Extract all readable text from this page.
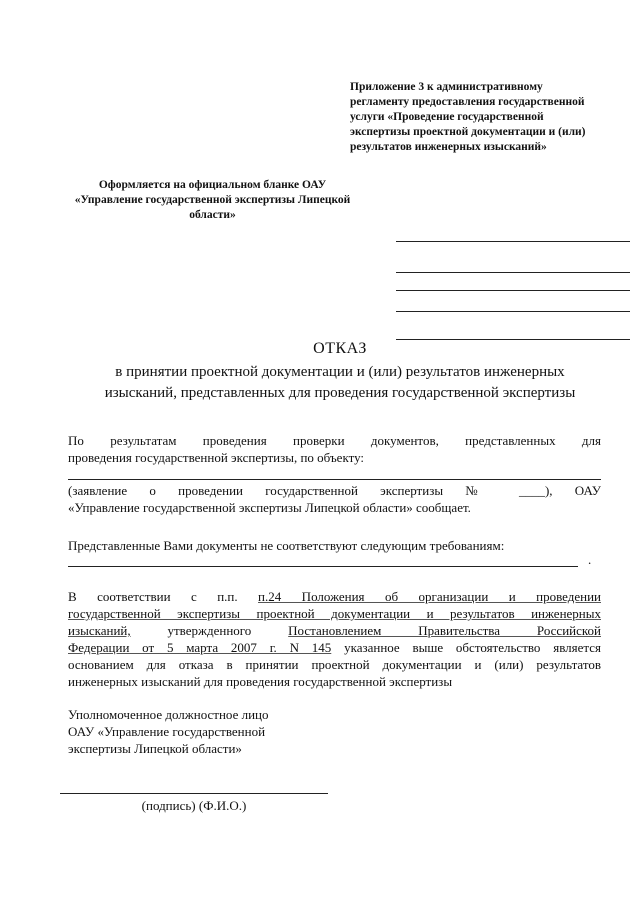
Приложение 3 к административному
регламенту предоставления государственной
услуги «Проведение государственной
экспертизы проектной документации и (или)
результатов инженерных изысканий»
Оформляется на официальном бланке ОАУ
«Управление государственной экспертизы Липецкой
области»
ОТКАЗ
в принятии проектной документации и (или) результатов инженерных
изысканий, представленных для проведения государственной экспертизы
По результатам проведения проверки документов, представленных для
проведения государственной экспертизы, по объекту:
(заявление о проведении государственной экспертизы № ____), ОАУ
«Управление государственной экспертизы Липецкой области» сообщает.
Представленные Вами документы не соответствуют следующим требованиям:
.
В соответствии с п.п. п.24 Положения об организации и проведении
государственной экспертизы проектной документации и результатов инженерных
изысканий, утвержденного Постановлением Правительства Российской
Федерации от 5 марта 2007 г. N 145 указанное выше обстоятельство является
основанием для отказа в принятии проектной документации и (или) результатов
инженерных изысканий для проведения государственной экспертизы
Уполномоченное должностное лицо
ОАУ «Управление государственной
экспертизы Липецкой области»
(подпись) (Ф.И.О.)
